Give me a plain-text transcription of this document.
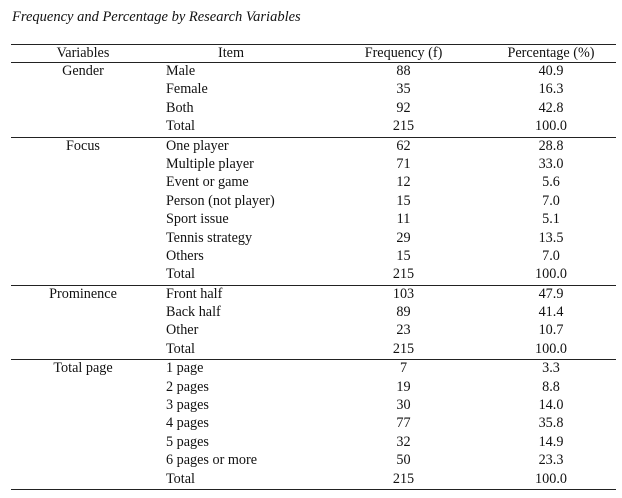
Frequency and Percentage by Research Variables
Variables	Item	Frequency (f)	Percentage (%)
Gender	Male	88	40.9
	Female	35	16.3
	Both	92	42.8
	Total	215	100.0
Focus	One player	62	28.8
	Multiple player	71	33.0
	Event or game	12	5.6
	Person (not player)	15	7.0
	Sport issue	11	5.1
	Tennis strategy	29	13.5
	Others	15	7.0
	Total	215	100.0
Prominence	Front half	103	47.9
	Back half	89	41.4
	Other	23	10.7
	Total	215	100.0
Total page	1 page	7	3.3
	2 pages	19	8.8
	3 pages	30	14.0
	4 pages	77	35.8
	5 pages	32	14.9
	6 pages or more	50	23.3
	Total	215	100.0
